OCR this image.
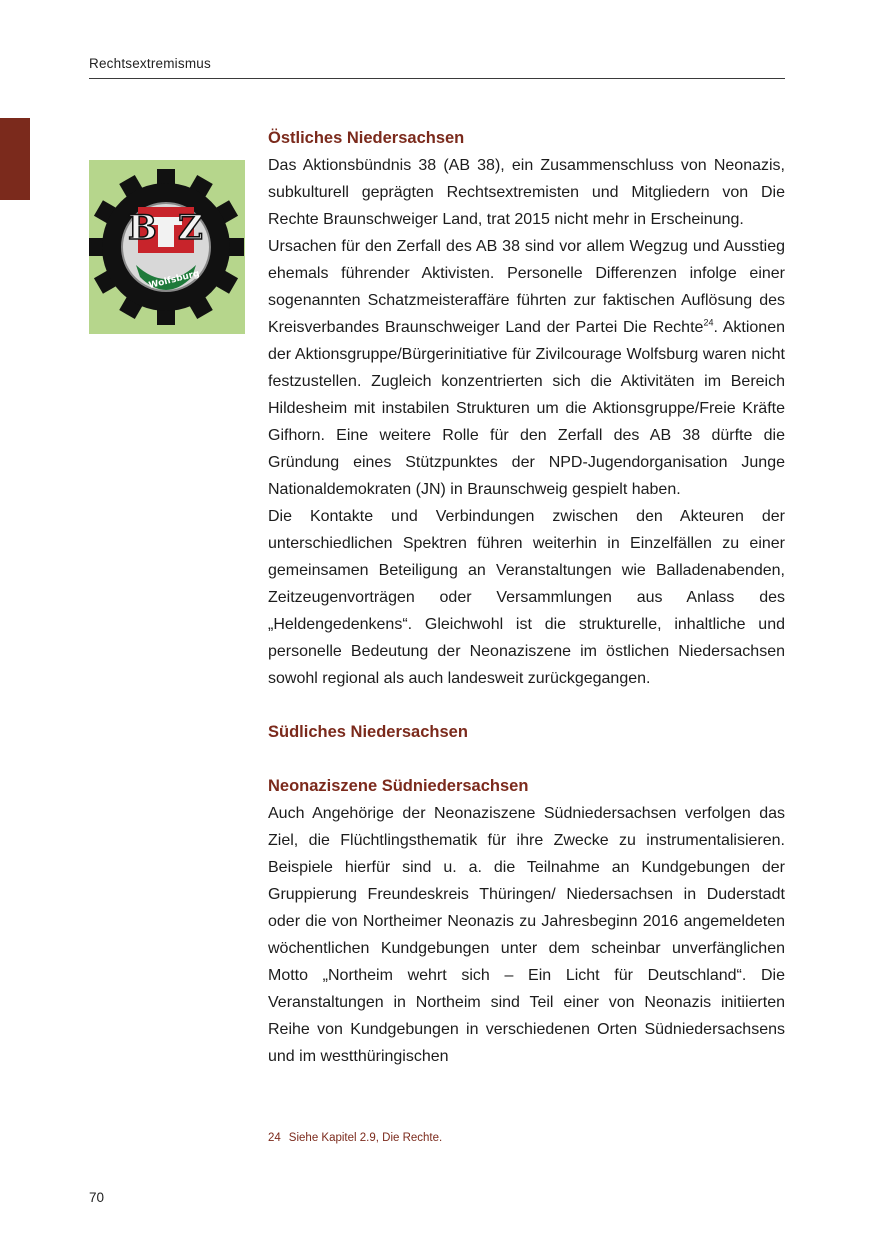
Rechtsextremismus
B Z
Wolfsburg
Östliches Niedersachsen

Das Aktionsbündnis 38 (AB 38), ein Zusammenschluss von Neonazis, subkulturell geprägten Rechtsextremisten und Mitgliedern von Die Rechte Braunschweiger Land, trat 2015 nicht mehr in Erscheinung.

Ursachen für den Zerfall des AB 38 sind vor allem Wegzug und Ausstieg ehemals führender Aktivisten. Personelle Differenzen infolge einer sogenannten Schatzmeisteraffäre führten zur faktischen Auflösung des Kreisverbandes Braunschweiger Land der Partei Die Rechte$^{24}$. Aktionen der Aktionsgruppe/Bürgerinitiative für Zivilcourage Wolfsburg waren nicht festzustellen. Zugleich konzentrierten sich die Aktivitäten im Bereich Hildesheim mit instabilen Strukturen um die Aktionsgruppe/Freie Kräfte Gifhorn. Eine weitere Rolle für den Zerfall des AB 38 dürfte die Gründung eines Stützpunktes der NPD-Jugendorganisation Junge Nationaldemokraten (JN) in Braunschweig gespielt haben.

Die Kontakte und Verbindungen zwischen den Akteuren der unterschiedlichen Spektren führen weiterhin in Einzelfällen zu einer gemeinsamen Beteiligung an Veranstaltungen wie Balladenabenden, Zeitzeugenvorträgen oder Versammlungen aus Anlass des „Heldengedenkens“. Gleichwohl ist die strukturelle, inhaltliche und personelle Bedeutung der Neonaziszene im östlichen Niedersachsen sowohl regional als auch landesweit zurückgegangen.

Südliches Niedersachsen
Neonaziszene Südniedersachsen

Auch Angehörige der Neonaziszene Südniedersachsen verfolgen das Ziel, die Flüchtlingsthematik für ihre Zwecke zu instrumentalisieren. Beispiele hierfür sind u. a. die Teilnahme an Kundgebungen der Gruppierung Freundeskreis Thüringen/ Niedersachsen in Duderstadt oder die von Northeimer Neonazis zu Jahresbeginn 2016 angemeldeten wöchentlichen Kundgebungen unter dem scheinbar unverfänglichen Motto „Northeim wehrt sich – Ein Licht für Deutschland“. Die Veranstaltungen in Northeim sind Teil einer von Neonazis initiierten Reihe von Kundgebungen in verschiedenen Orten Südniedersachsens und im westthüringischen

24 Siehe Kapitel 2.9, Die Rechte.
70
